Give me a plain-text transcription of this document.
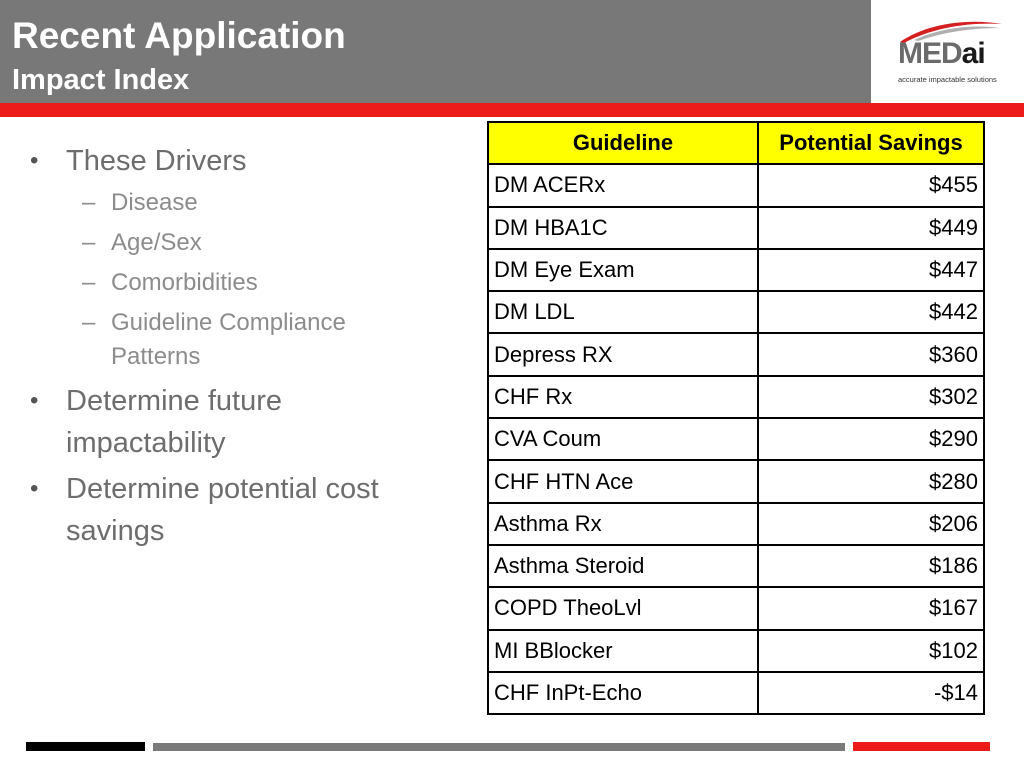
Recent Application
Impact Index
MEDai
accurate impactable solutions
• These Drivers
– Disease
– Age/Sex
– Comorbidities
– Guideline Compliance Patterns
• Determine future impactability
• Determine potential cost savings
Guideline	Potential Savings
DM ACERx	$455
DM HBA1C	$449
DM Eye Exam	$447
DM LDL	$442
Depress RX	$360
CHF Rx	$302
CVA Coum	$290
CHF HTN Ace	$280
Asthma Rx	$206
Asthma Steroid	$186
COPD TheoLvl	$167
MI BBlocker	$102
CHF InPt-Echo	-$14
